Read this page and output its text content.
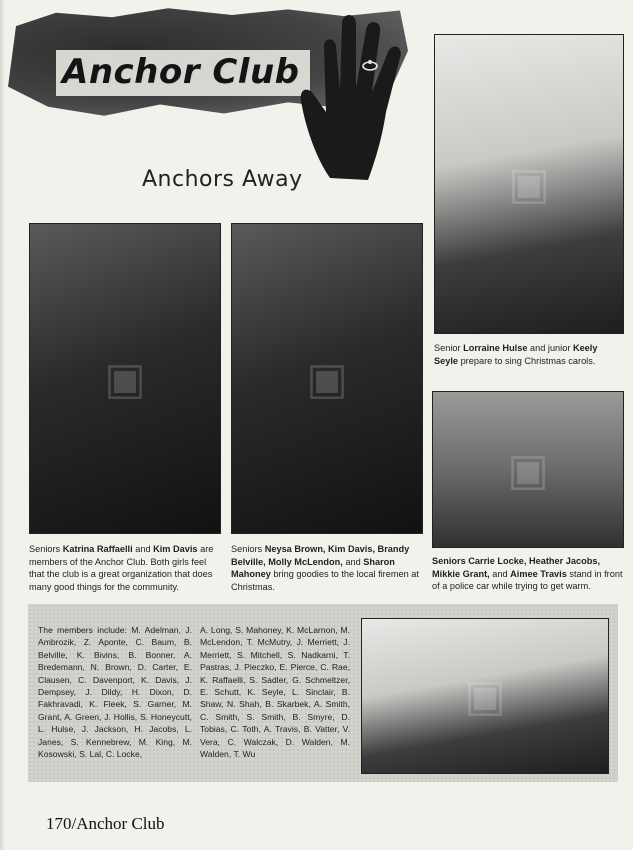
Anchor Club
Anchors Away	▣
▣	▣
▣
Senior Lorraine Hulse and junior Keely Seyle prepare to sing Christmas carols.
Seniors Katrina Raffaelli and Kim Davis are members of the Anchor Club. Both girls feel that the club is a great organization that does many good things for the community.
Seniors Neysa Brown, Kim Davis, Brandy Belville, Molly McLendon, and Sharon Mahoney bring goodies to the local firemen at Christmas.
Seniors Carrie Locke, Heather Jacobs, Mikkie Grant, and Aimee Travis stand in front of a police car while trying to get warm.
The members include: M. Adelman, J. Ambrozik, Z. Aponte, C. Baum, B. Belville, K. Bivins, B. Bonner, A. Bredemann, N. Brown, D. Carter, E. Clausen, C. Davenport, K. Davis, J. Dempsey, J. Dildy, H. Dixon, D. Fakhravadi, K. Fleek, S. Garner, M. Grant, A. Green, J. Hollis, S. Honeycutt, L. Hulse, J. Jackson, H. Jacobs, L. Janes, S. Kennebrew, M. King, M. Kosowski, S. Lal, C. Locke,
A. Long, S. Mahoney, K. McLarnon, M. McLendon, T. McMutry, J. Merriett, J. Merriett, S. Mitchell, S. Nadkarni, T. Pastras, J. Pieczko, E. Pierce, C. Rae, K. Raffaelli, S. Sadler, G. Schmeltzer, E. Schutt, K. Seyle, L. Sinclair, B. Shaw, N. Shah, B. Skarbek, A. Smith, C. Smith, S. Smith, B. Smyre, D. Tobias, C. Toth, A. Travis, B. Vatter, V. Vera, C. Walczak, D. Walden, M. Walden, T. Wu
▣
170/Anchor Club
